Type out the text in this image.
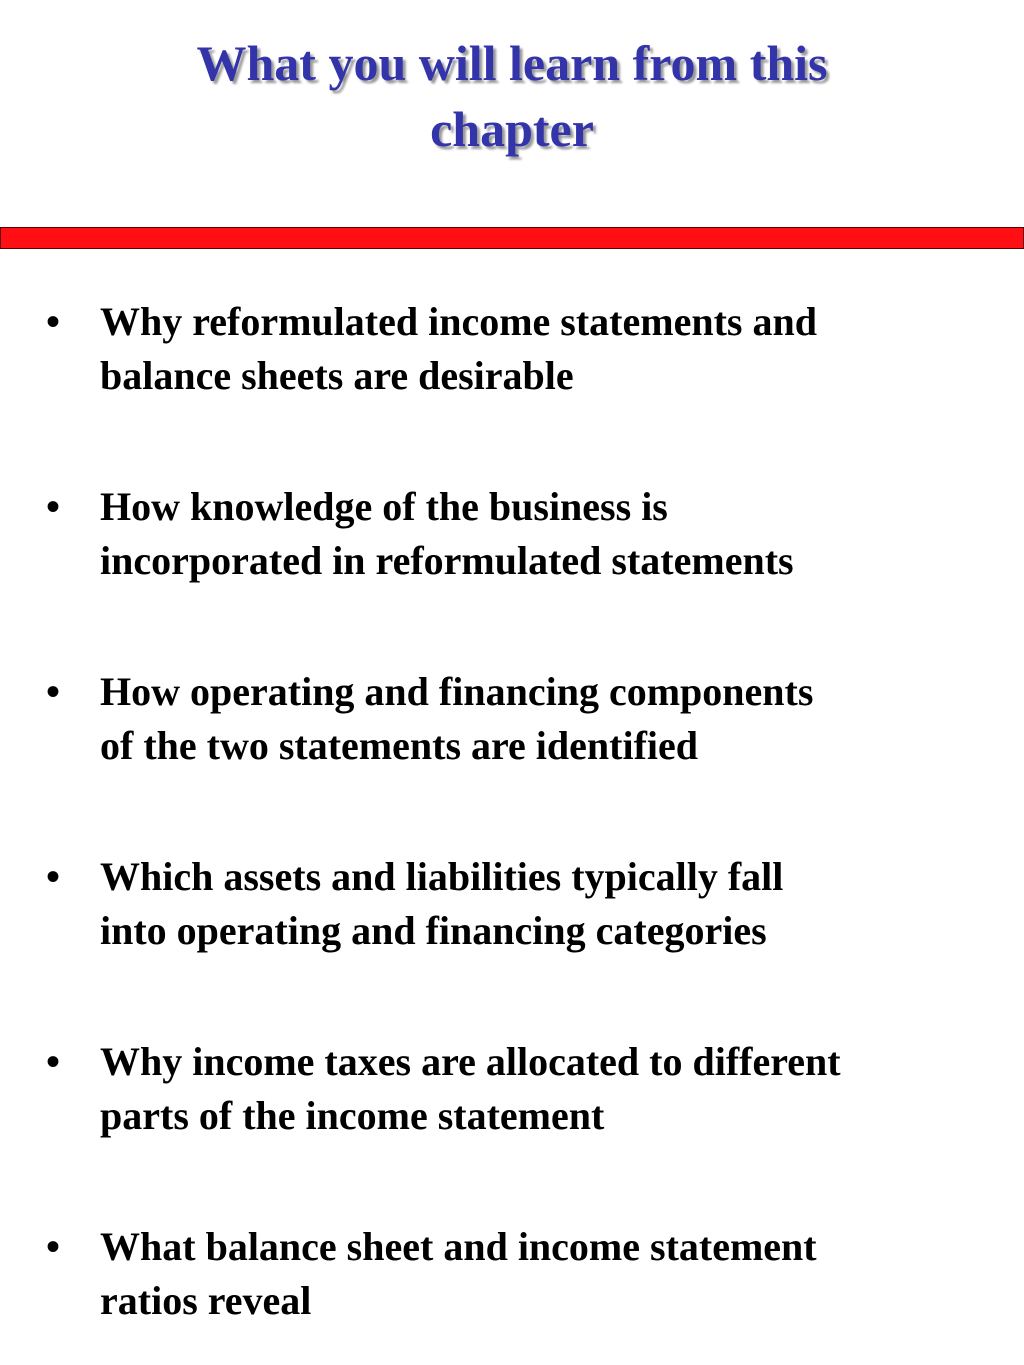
What you will learn from this
chapter
• Why reformulated income statements and
balance sheets are desirable
• How knowledge of the business is
incorporated in reformulated statements
• How operating and financing components
of the two statements are identified
• Which assets and liabilities typically fall
into operating and financing categories
• Why income taxes are allocated to different
parts of the income statement
• What balance sheet and income statement
ratios reveal
